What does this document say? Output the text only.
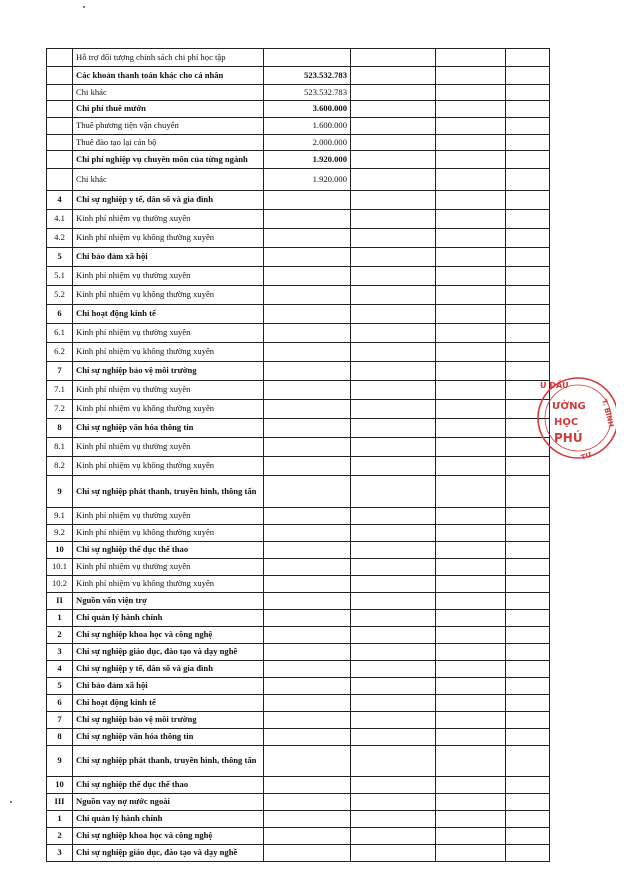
	Hỗ trợ đối tượng chính sách chi phí học tập				
	Các khoản thanh toán khác cho cá nhân	523.532.783			
	Chi khác	523.532.783			
	Chi phí thuê mướn	3.600.000			
	Thuê phương tiện vận chuyển	1.600.000			
	Thuê đào tạo lại cán bộ	2.000.000			
	Chi phí nghiệp vụ chuyên môn của từng ngành	1.920.000			
	Chi khác	1.920.000			
4	Chi sự nghiệp y tế, dân số và gia đình				
4.1	Kinh phí nhiệm vụ thường xuyên				
4.2	Kinh phí nhiệm vụ không thường xuyên				
5	Chi bảo đảm xã hội				
5.1	Kinh phí nhiệm vụ thường xuyên				
5.2	Kinh phí nhiệm vụ không thường xuyên				
6	Chi hoạt động kinh tế				
6.1	Kinh phí nhiệm vụ thường xuyên				
6.2	Kinh phí nhiệm vụ không thường xuyên				
7	Chi sự nghiệp bảo vệ môi trường				
7.1	Kinh phí nhiệm vụ thường xuyên				
7.2	Kinh phí nhiệm vụ không thường xuyên				
8	Chi sự nghiệp văn hóa thông tin				
8.1	Kinh phí nhiệm vụ thường xuyên				
8.2	Kinh phí nhiệm vụ không thường xuyên				
9	Chi sự nghiệp phát thanh, truyền hình, thông tấn				
9.1	Kinh phí nhiệm vụ thường xuyên				
9.2	Kinh phí nhiệm vụ không thường xuyên				
10	Chi sự nghiệp thể dục thể thao				
10.1	Kinh phí nhiệm vụ thường xuyên				
10.2	Kinh phí nhiệm vụ không thường xuyên				
II	Nguồn vốn viện trợ				
1	Chi quản lý hành chính				
2	Chi sự nghiệp khoa học và công nghệ				
3	Chi sự nghiệp giáo dục, đào tạo và dạy nghề				
4	Chi sự nghiệp y tế, dân số và gia đình				
5	Chi bảo đảm xã hội				
6	Chi hoạt động kinh tế				
7	Chi sự nghiệp bảo vệ môi trường				
8	Chi sự nghiệp văn hóa thông tin				
9	Chi sự nghiệp phát thanh, truyền hình, thông tấn				
10	Chi sự nghiệp thể dục thể thao				
III	Nguồn vay nợ nước ngoài				
1	Chi quản lý hành chính				
2	Chi sự nghiệp khoa học và công nghệ				
3	Chi sự nghiệp giáo dục, đào tạo và dạy nghề				
U ĐẦU
ƯỜNG
HỌC
PHÚ
T. BÌNH
TƯ
